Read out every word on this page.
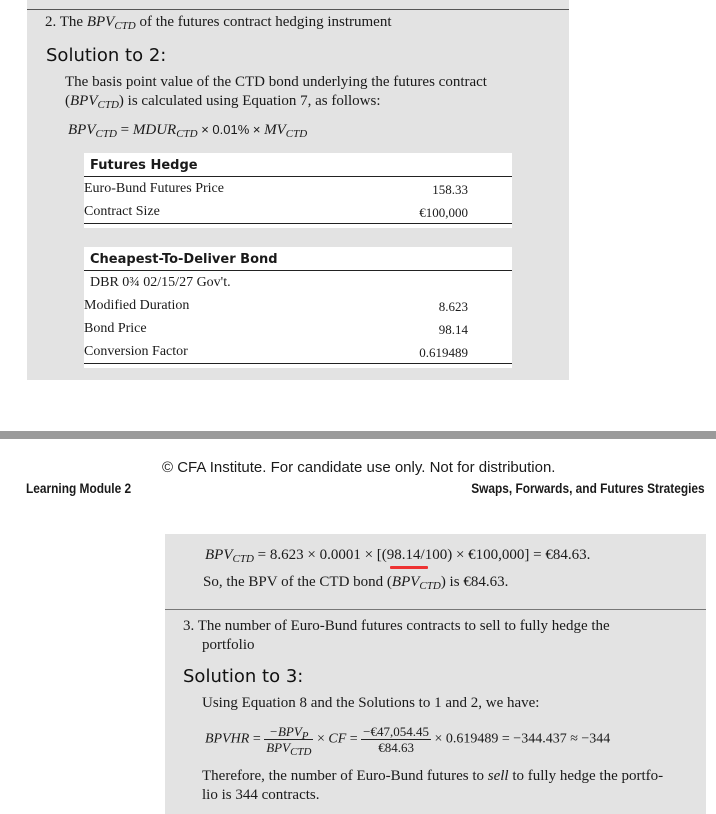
2. The $BPV_{CTD}$ of the futures contract hedging instrument
Solution to 2:
The basis point value of the CTD bond underlying the futures contract
$(BPV_{CTD})$ is calculated using Equation 7, as follows:
$BPV_{CTD}$ = $MDUR_{CTD} \times 0.01\% \times MV_{CTD}$
Futures Hedge
Euro-Bund Futures Price	158.33
Contract Size	€100,000
Cheapest-To-Deliver Bond
DBR 0¾ 02/15/27 Gov't.
Modified Duration	8.623
Bond Price	98.14
Conversion Factor	0.619489
© CFA Institute. For candidate use only. Not for distribution.
Learning Module 2	Swaps, Forwards, and Futures Strategies
$BPV_{CTD} = 8.623 \times 0.0001 \times [(98.14/100)$ × €100,000] = €84.63.
So, the BPV of the CTD bond $(BPV_{CTD})$ is €84.63.
3. The number of Euro-Bund futures contracts to sell to fully hedge the
portfolio
Solution to 3:
Using Equation 8 and the Solutions to 1 and 2, we have:
BPVHR = $\frac{-BPV_P}{BPV_{CTD}}$ × CF = $\frac{-€47,054.45}{€84.63} \times 0.619489 = -344.437 \approx -344$
Therefore, the number of Euro-Bund futures to sell to fully hedge the portfo-
lio is 344 contracts.
